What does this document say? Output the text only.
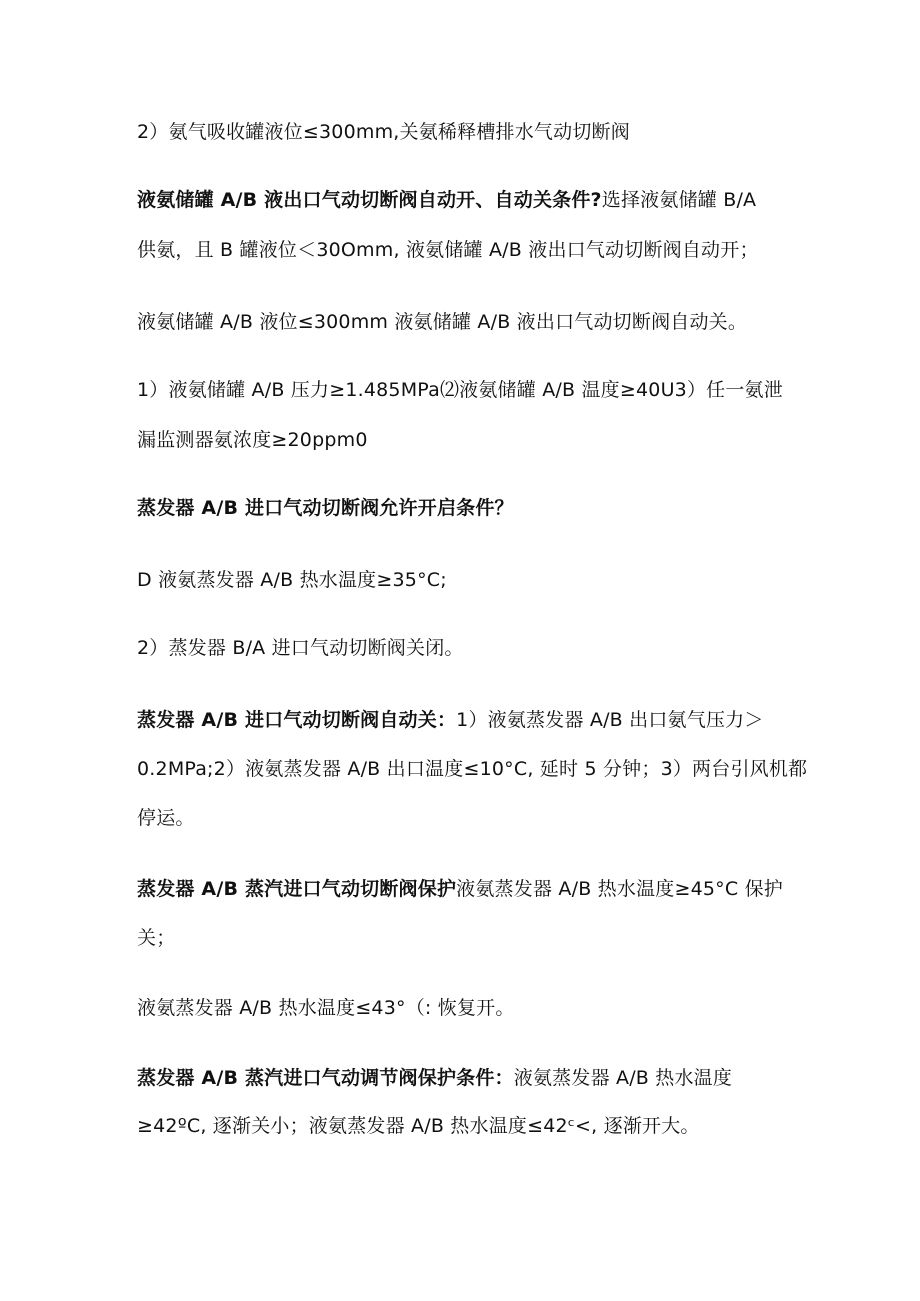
2）氨气吸收罐液位≤300mm,关氨稀释槽排水气动切断阀
液氨储罐 A/B 液出口气动切断阀自动开、自动关条件?选择液氨储罐 B/A
供氨，且 B 罐液位＜30Omm, 液氨储罐 A/B 液出口气动切断阀自动开；
液氨储罐 A/B 液位≤300mm 液氨储罐 A/B 液出口气动切断阀自动关。
1）液氨储罐 A/B 压力≥1.485MPa⑵液氨储罐 A/B 温度≥40U3）任一氨泄
漏监测器氨浓度≥20ppm0
蒸发器 A/B 进口气动切断阀允许开启条件？
D 液氨蒸发器 A/B 热水温度≥35°C;
2）蒸发器 B/A 进口气动切断阀关闭。
蒸发器 A/B 进口气动切断阀自动关：1）液氨蒸发器 A/B 出口氨气压力＞
0.2MPa;2）液氨蒸发器 A/B 出口温度≤10°C, 延时 5 分钟；3）两台引风机都
停运。
蒸发器 A/B 蒸汽进口气动切断阀保护液氨蒸发器 A/B 热水温度≥45°C 保护
关；
液氨蒸发器 A/B 热水温度≤43°（: 恢复开。
蒸发器 A/B 蒸汽进口气动调节阀保护条件：液氨蒸发器 A/B 热水温度
≥42ºC, 逐渐关小；液氨蒸发器 A/B 热水温度≤42ᶜ<, 逐渐开大。
